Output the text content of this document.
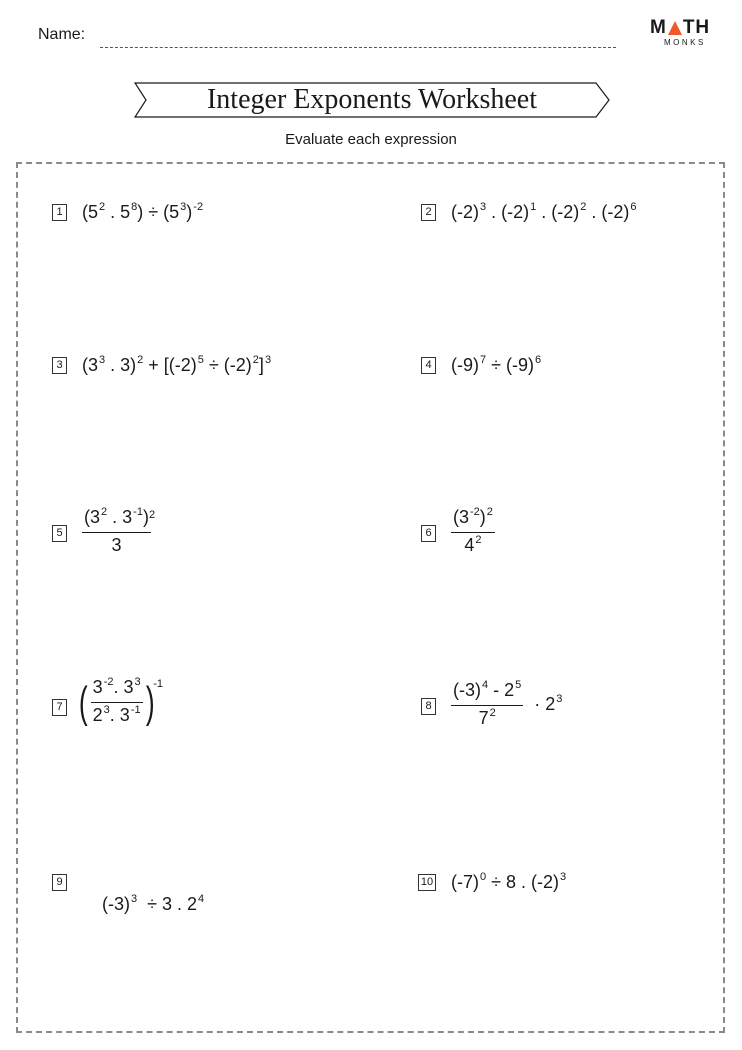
Name:	M TH
MONKS
Integer Exponents Worksheet
Evaluate each expression
1 ($5^2$ . $5^8) \div (5^3)^{-2}$	2 $(-2)^3$ . $(-2)^1$ . $(-2)^2$ . $(-2)^6$
3 ($3^3$ . $3)^2 + [(-2)^5 \div (-2)^2]^3$	4 $(-9)^7 \div (-9)^6$
$5 \frac{(3^2 . 3^{-1})}{3}$
$^2$
$6 \frac{(3^{-2})^2}{4^2}$
7 ( $\frac{3^{-2}. 3^3}{2^3. 3^{-1}} )^{-1}$
$8 \frac{(-3)^4 - 2^5}{7^2} \cdot 2^3$
9

$(-3)^3 \div 3$ . $2^4$

10 $(-7)^0 \div 8$ . $(-2)^3$
